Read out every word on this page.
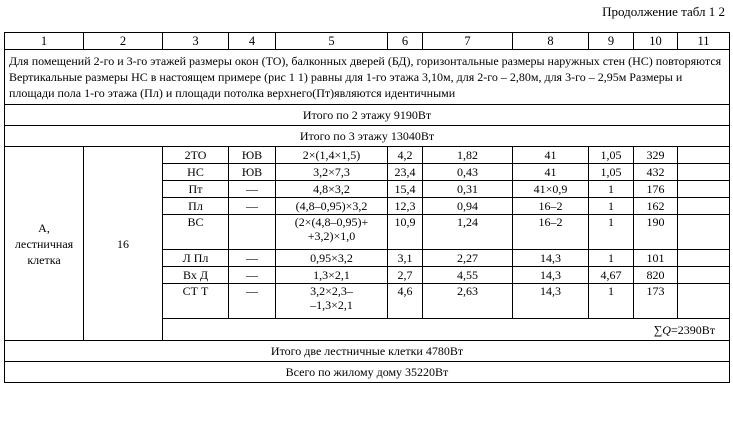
Продолжение табл 1 2
1	2	3	4	5	6	7	8	9	10	11
Для помещений 2-го и 3-го этажей размеры окон (ТО), балконных дверей (БД), горизонтальные размеры наружных стен (НС) повторяются Вертикальные размеры НС в настоящем примере (рис 1 1) равны для 1-го этажа 3,10м, для 2-го – 2,80м, для 3-го – 2,95м Размеры и площади пола 1-го этажа (Пл) и площади потолка верхнего(Пт)являются идентичными										
Итого по 2 этажу 9190Вт										
Итого по 3 этажу 13040Вт										

А,
лестничная
клетка	16	2ТО	ЮВ	2×(1,4×1,5)	4,2	1,82	41	1,05	329	
		НС	ЮВ	3,2×7,3	23,4	0,43	41	1,05	432	
		Пт	—	4,8×3,2	15,4	0,31	41×0,9	1	176	
		Пл	—	(4,8–0,95)×3,2	12,3	0,94	16–2	1	162	
		ВС		(2×(4,8–0,95)+
+3,2)×1,0	10,9	1,24	16–2	1	190	
		Л Пл	—	0,95×3,2	3,1	2,27	14,3	1	101	
		Вх Д	—	1,3×2,1	2,7	4,55	14,3	4,67	820	
		СТ Т	—	3,2×2,3–
–1,3×2,1	4,6	2,63	14,3	1	173	
		∑Q=2390Вт								
Итого две лестничные клетки 4780Вт										
Всего по жилому дому 35220Вт										
